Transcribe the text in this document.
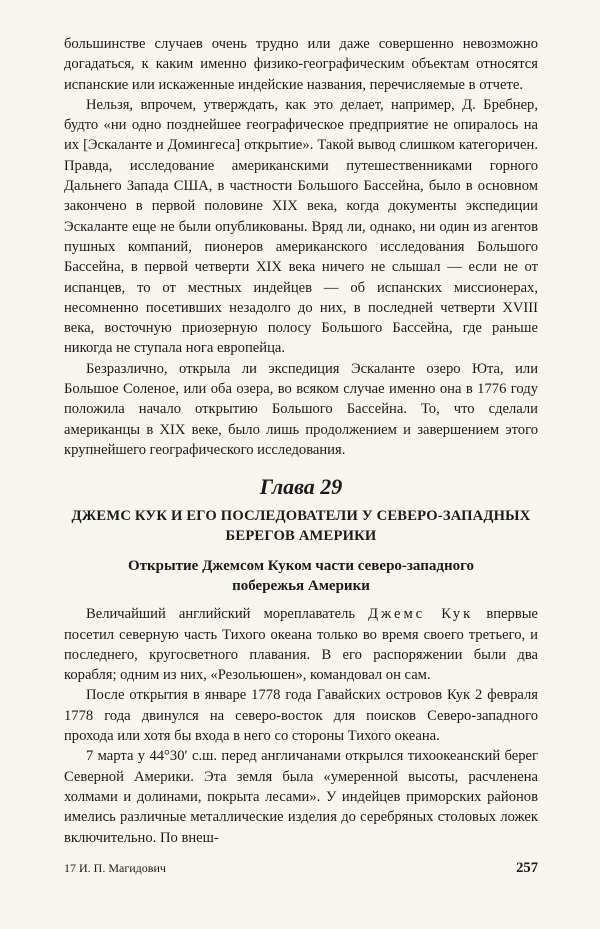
большинстве случаев очень трудно или даже совершенно невозможно догадаться, к каким именно физико-географическим объектам относятся испанские или искаженные индейские названия, перечисляемые в отчете.

Нельзя, впрочем, утверждать, как это делает, например, Д. Бребнер, будто «ни одно позднейшее географическое предприятие не опиралось на их [Эскаланте и Домингеса] открытие». Такой вывод слишком категоричен. Правда, исследование американскими путешественниками горного Дальнего Запада США, в частности Большого Бассейна, было в основном закончено в первой половине XIX века, когда документы экспедиции Эскаланте еще не были опубликованы. Вряд ли, однако, ни один из агентов пушных компаний, пионеров американского исследования Большого Бассейна, в первой четверти XIX века ничего не слышал — если не от испанцев, то от местных индейцев — об испанских миссионерах, несомненно посетивших незадолго до них, в последней четверти XVIII века, восточную приозерную полосу Большого Бассейна, где раньше никогда не ступала нога европейца.

Безразлично, открыла ли экспедиция Эскаланте озеро Юта, или Большое Соленое, или оба озера, во всяком случае именно она в 1776 году положила начало открытию Большого Бассейна. То, что сделали американцы в XIX веке, было лишь продолжением и завершением этого крупнейшего географического исследования.

Глава 29
ДЖЕМС КУК И ЕГО ПОСЛЕДОВАТЕЛИ У СЕВЕРО-ЗАПАДНЫХ БЕРЕГОВ АМЕРИКИ
Открытие Джемсом Куком части северо-западного побережья Америки

Величайший английский мореплаватель Джемс Кук впервые посетил северную часть Тихого океана только во время своего третьего, и последнего, кругосветного плавания. В его распоряжении были два корабля; одним из них, «Резольюшен», командовал он сам.

После открытия в январе 1778 года Гавайских островов Кук 2 февраля 1778 года двинулся на северо-восток для поисков Северо-западного прохода или хотя бы входа в него со стороны Тихого океана.

7 марта у 44°30′ с.ш. перед англичанами открылся тихоокеанский берег Северной Америки. Эта земля была «умеренной высоты, расчленена холмами и долинами, покрыта лесами». У индейцев приморских районов имелись различные металлические изделия до серебряных столовых ложек включительно. По внеш-

17 И. П. Магидович	257
